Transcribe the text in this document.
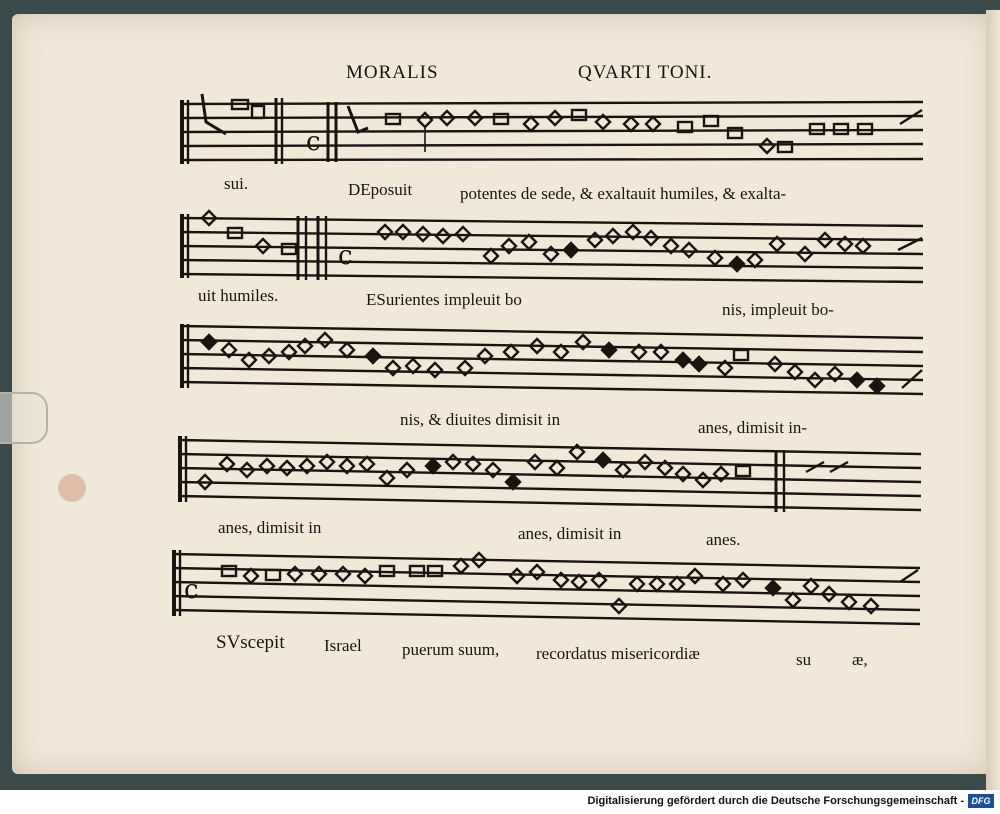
MORALIS	QVARTI TONI.
c
sui.	DEposuit	potentes de sede, & exaltauit humiles, & exalta-
c
uit humiles.	ESurientes impleuit bo
nis, impleuit bo-
nis, & diuites dimisit in	anes, dimisit in-
anes, dimisit in	anes, dimisit in	anes.
c
SVscepit Israel puerum suum, recordatus misericordiæ	su æ,
Digitalisierung gefördert durch die Deutsche Forschungsgemeinschaft - DFG
